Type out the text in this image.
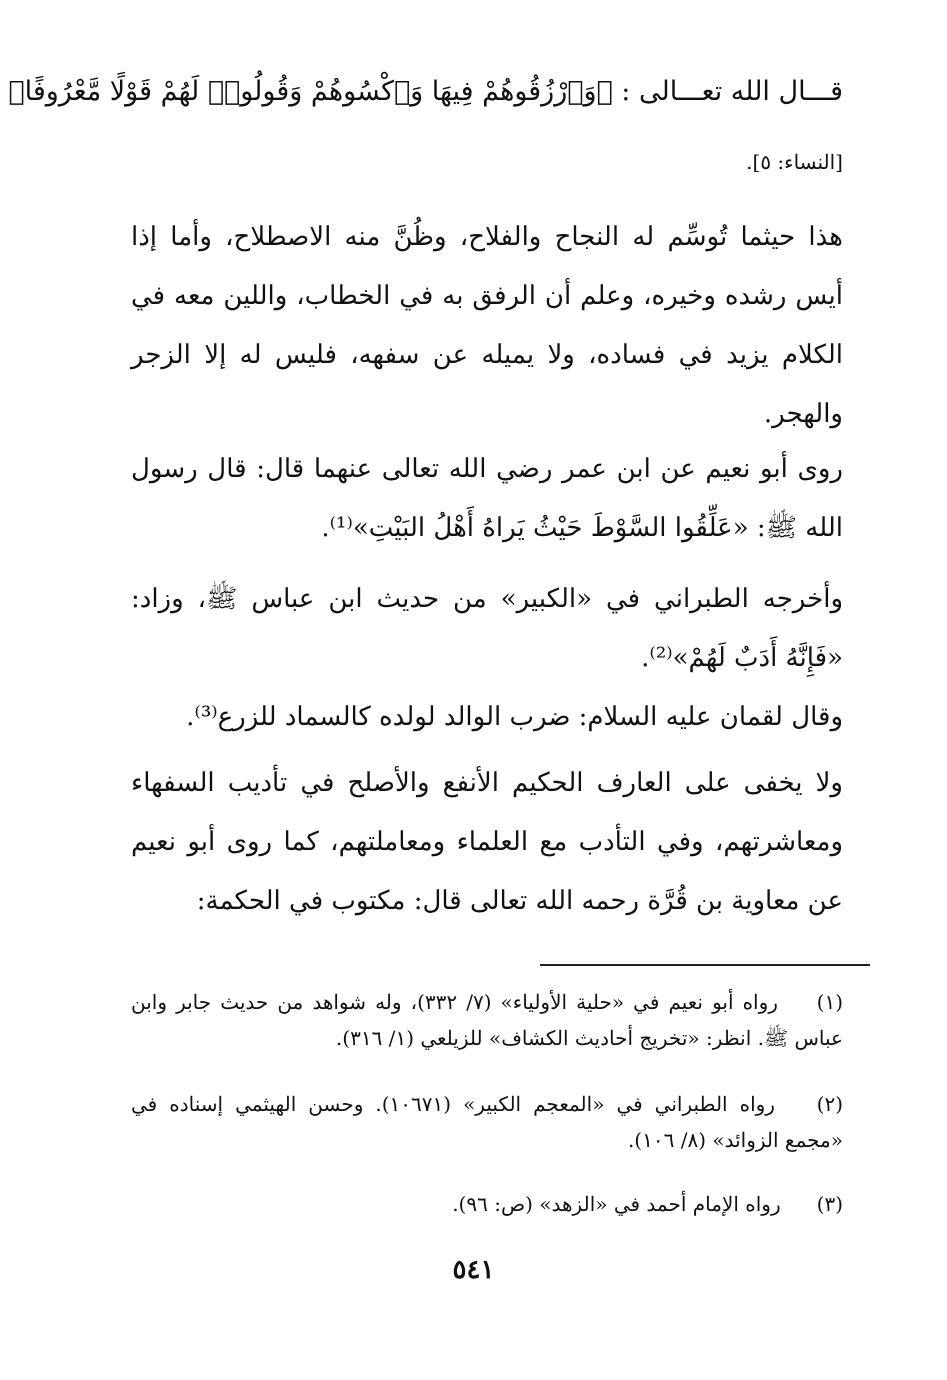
قـــال الله تعـــالى : ﴿وَٱرْزُقُوهُمْ فِيهَا وَٱكْسُوهُمْ وَقُولُوا۟ لَهُمْ قَوْلًا مَّعْرُوفًا﴾
[النساء: ٥].
هذا حيثما تُوسِّم له النجاح والفلاح، وظُنَّ منه الاصطلاح، وأما إذا أيس رشده وخيره، وعلم أن الرفق به في الخطاب، واللين معه في الكلام يزيد في فساده، ولا يميله عن سفهه، فليس له إلا الزجر والهجر.
روى أبو نعيم عن ابن عمر رضي الله تعالى عنهما قال: قال رسول الله ﷺ: «عَلِّقُوا السَّوْطَ حَيْثُ يَراهُ أَهْلُ البَيْتِ»⁽¹⁾.
وأخرجه الطبراني في «الكبير» من حديث ابن عباس ﷺ، وزاد: «فَإِنَّهُ أَدَبٌ لَهُمْ»⁽²⁾.
وقال لقمان عليه السلام: ضرب الوالد لولده كالسماد للزرع⁽³⁾.
ولا يخفى على العارف الحكيم الأنفع والأصلح في تأديب السفهاء ومعاشرتهم، وفي التأدب مع العلماء ومعاملتهم، كما روى أبو نعيم عن معاوية بن قُرَّة رحمه الله تعالى قال: مكتوب في الحكمة:
(١) رواه أبو نعيم في «حلية الأولياء» (٧/ ٣٣٢)، وله شواهد من حديث جابر وابن عباس ﷺ. انظر: «تخريج أحاديث الكشاف» للزيلعي (١/ ٣١٦).
(٢) رواه الطبراني في «المعجم الكبير» (١٠٦٧١). وحسن الهيثمي إسناده في «مجمع الزوائد» (٨/ ١٠٦).
(٣) رواه الإمام أحمد في «الزهد» (ص: ٩٦).
٥٤١
